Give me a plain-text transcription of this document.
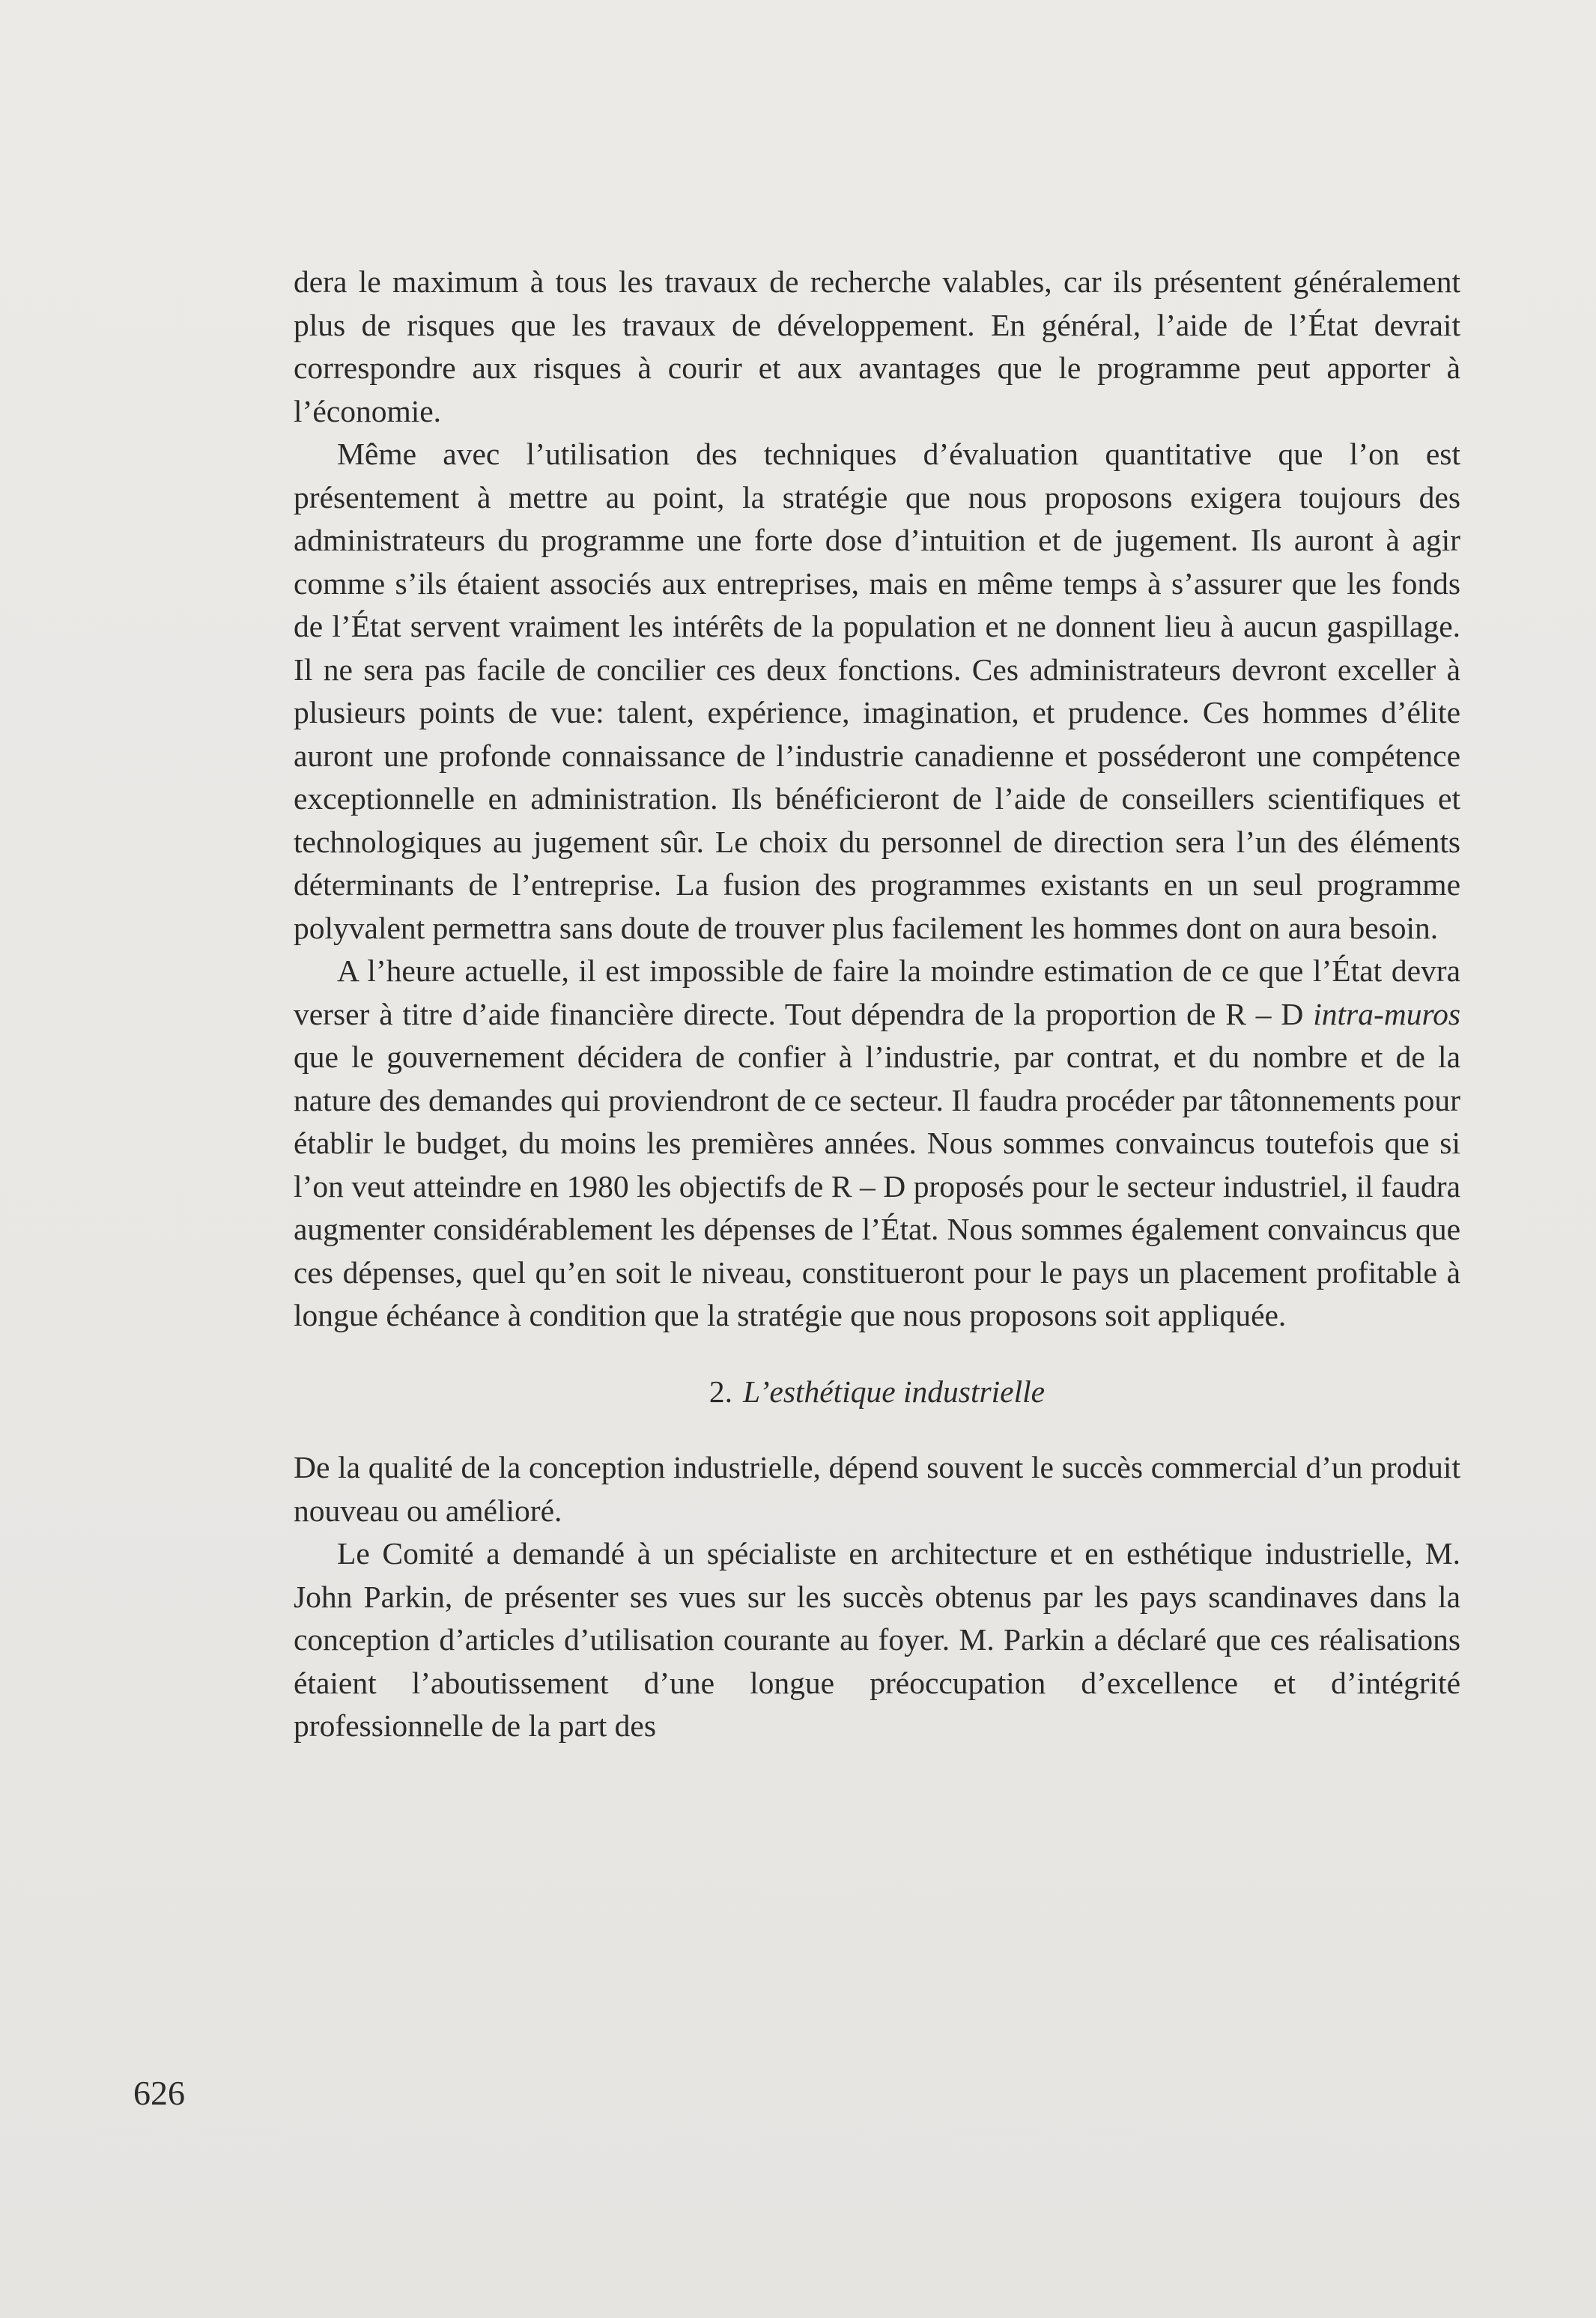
dera le maximum à tous les travaux de recherche valables, car ils présentent généralement plus de risques que les travaux de développement. En général, l’aide de l’État devrait correspondre aux risques à courir et aux avantages que le programme peut apporter à l’économie.

Même avec l’utilisation des techniques d’évaluation quantitative que l’on est présentement à mettre au point, la stratégie que nous proposons exigera toujours des administrateurs du programme une forte dose d’intuition et de jugement. Ils auront à agir comme s’ils étaient associés aux entreprises, mais en même temps à s’assurer que les fonds de l’État servent vraiment les intérêts de la population et ne donnent lieu à aucun gaspillage. Il ne sera pas facile de concilier ces deux fonctions. Ces administrateurs devront exceller à plusieurs points de vue: talent, expérience, imagination, et prudence. Ces hommes d’élite auront une profonde connaissance de l’industrie canadienne et posséderont une compétence exceptionnelle en administration. Ils bénéficieront de l’aide de conseillers scientifiques et technologiques au jugement sûr. Le choix du personnel de direction sera l’un des éléments déterminants de l’entreprise. La fusion des programmes existants en un seul programme polyvalent permettra sans doute de trouver plus facilement les hommes dont on aura besoin.

A l’heure actuelle, il est impossible de faire la moindre estimation de ce que l’État devra verser à titre d’aide financière directe. Tout dépendra de la proportion de R – D intra-muros que le gouvernement décidera de confier à l’industrie, par contrat, et du nombre et de la nature des demandes qui proviendront de ce secteur. Il faudra procéder par tâtonnements pour établir le budget, du moins les premières années. Nous sommes convaincus toutefois que si l’on veut atteindre en 1980 les objectifs de R – D proposés pour le secteur industriel, il faudra augmenter considérablement les dépenses de l’État. Nous sommes également convaincus que ces dépenses, quel qu’en soit le niveau, constitueront pour le pays un placement profitable à longue échéance à condition que la stratégie que nous proposons soit appliquée.

2. L’esthétique industrielle

De la qualité de la conception industrielle, dépend souvent le succès commercial d’un produit nouveau ou amélioré.

Le Comité a demandé à un spécialiste en architecture et en esthétique industrielle, M. John Parkin, de présenter ses vues sur les succès obtenus par les pays scandinaves dans la conception d’articles d’utilisation courante au foyer. M. Parkin a déclaré que ces réalisations étaient l’aboutissement d’une longue préoccupation d’excellence et d’intégrité professionnelle de la part des

626
